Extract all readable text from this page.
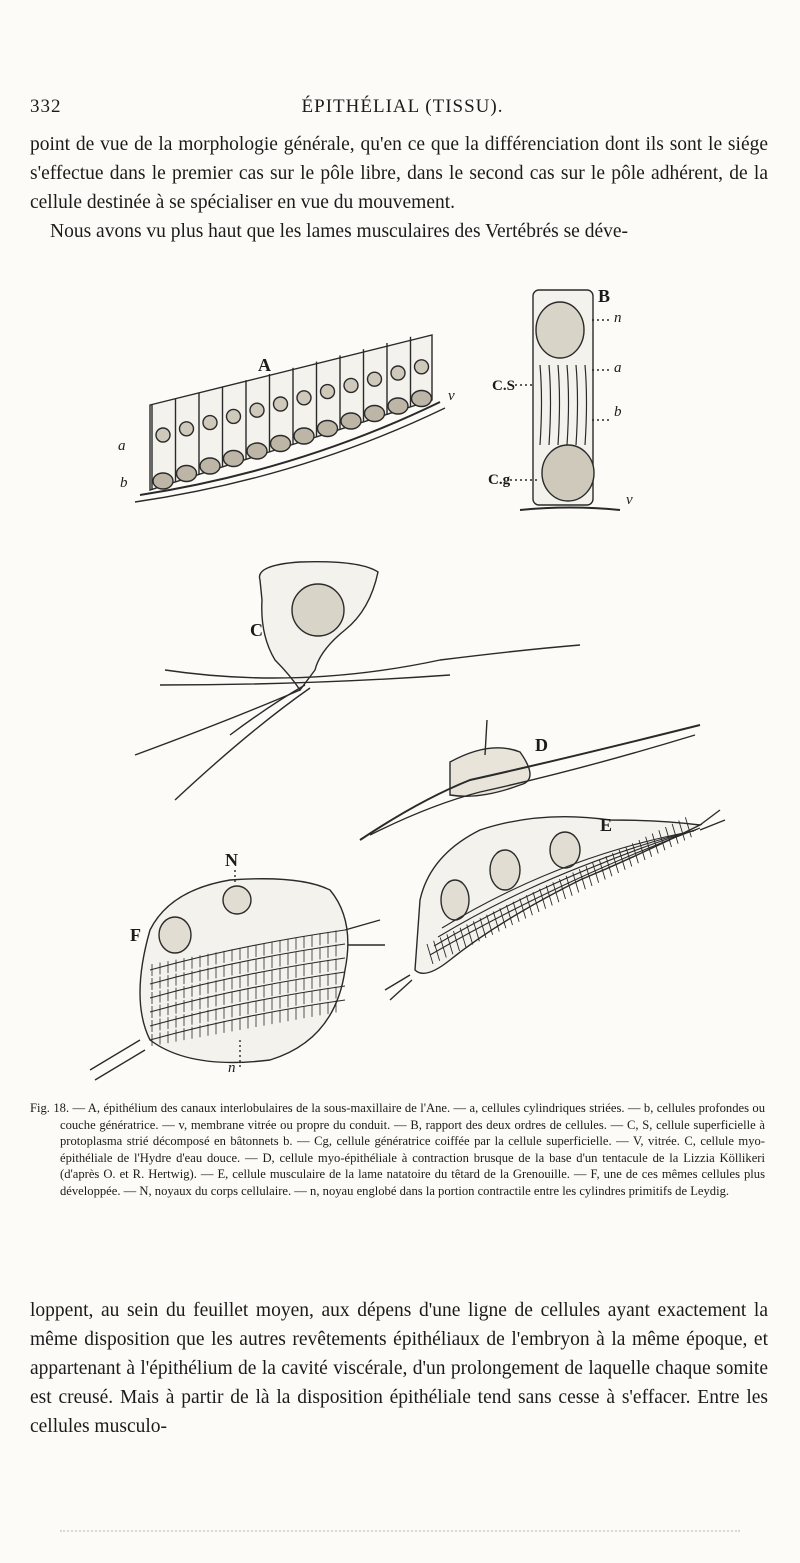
332	ÉPITHÉLIAL (TISSU).

point de vue de la morphologie générale, qu'en ce que la différenciation dont ils sont le siége s'effectue dans le premier cas sur le pôle libre, dans le second cas sur le pôle adhérent, de la cellule destinée à se spécialiser en vue du mouvement.

Nous avons vu plus haut que les lames musculaires des Vertébrés se déve-

A
a
b
v
B
n
a
b
v
C.S
C.g
C
D
E
F
N
n
Fig. 18. — A, épithélium des canaux interlobulaires de la sous-maxillaire de l'Ane. — a, cellules cylindriques striées. — b, cellules profondes ou couche génératrice. — v, membrane vitrée ou propre du conduit. — B, rapport des deux ordres de cellules. — C, S, cellule superficielle à protoplasma strié décomposé en bâtonnets b. — Cg, cellule génératrice coiffée par la cellule superficielle. — V, vitrée. C, cellule myo-épithéliale de l'Hydre d'eau douce. — D, cellule myo-épithéliale à contraction brusque de la base d'un tentacule de la Lizzia Köllikeri (d'après O. et R. Hertwig). — E, cellule musculaire de la lame natatoire du têtard de la Grenouille. — F, une de ces mêmes cellules plus développée. — N, noyaux du corps cellulaire. — n, noyau englobé dans la portion contractile entre les cylindres primitifs de Leydig.

loppent, au sein du feuillet moyen, aux dépens d'une ligne de cellules ayant exactement la même disposition que les autres revêtements épithéliaux de l'embryon à la même époque, et appartenant à l'épithélium de la cavité viscérale, d'un prolongement de laquelle chaque somite est creusé. Mais à partir de là la disposition épithéliale tend sans cesse à s'effacer. Entre les cellules musculo-
